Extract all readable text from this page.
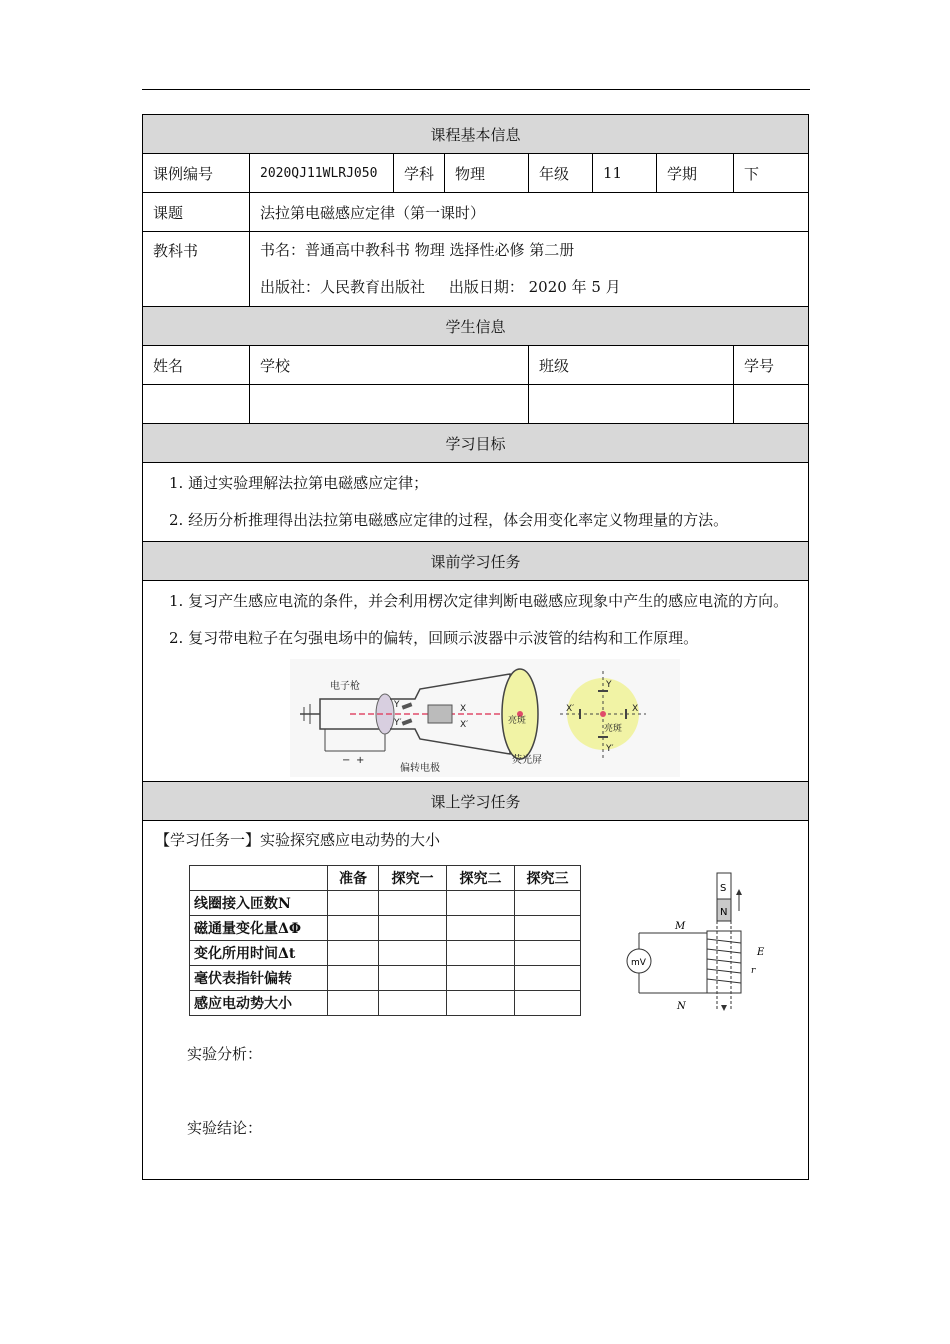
课程基本信息
课例编号	2020QJ11WLRJ050	学科	物理	年级	11	学期	下
课题	法拉第电磁感应定律（第一课时）
教科书	书名：普通高中教科书 物理 选择性必修 第二册

出版社：人民教育出版社 出版日期： 2020 年 5 月

学生信息
姓名	学校	班级	学号

学习目标

1. 通过实验理解法拉第电磁感应定律；

2. 经历分析推理得出法拉第电磁感应定律的过程，体会用变化率定义物理量的方法。

课前学习任务

1. 复习产生感应电流的条件，并会利用楞次定律判断电磁感应现象中产生的感应电流的方向。

2. 复习带电粒子在匀强电场中的偏转，回顾示波器中示波管的结构和工作原理。

电子枪
Y
Y′
X
X′
偏转电极
荧光屏
亮斑
亮斑
− +
Y
Y′
X′	X

课上学习任务

【学习任务一】实验探究感应电动势的大小
	准备	探究一	探究二	探究三
线圈接入匝数N				
磁通量变化量ΔΦ				
变化所用时间Δt				
毫伏表指针偏转				
感应电动势大小				
S
N
mV
M
N
E
r
实验分析：
实验结论：
